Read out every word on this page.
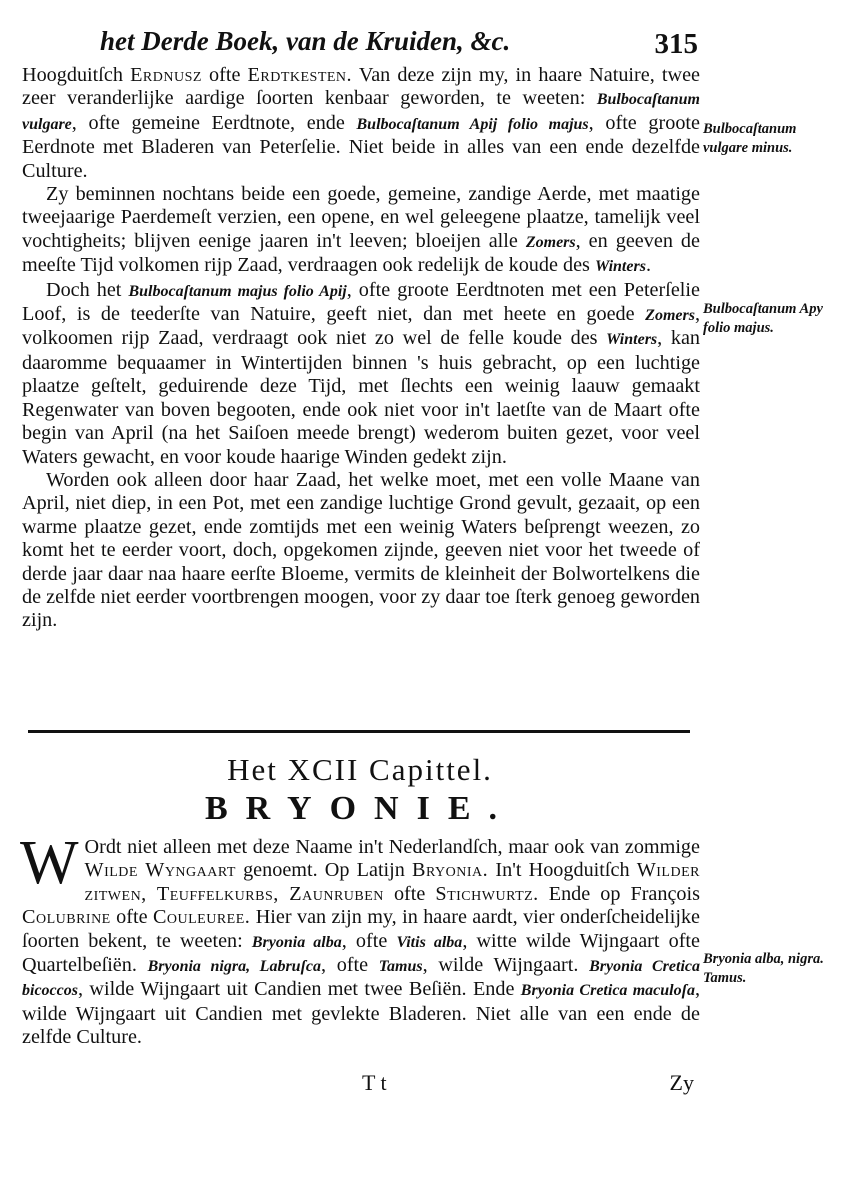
het Derde Boek, van de Kruiden, &c.	315

Hoogduitſch Erdnusz ofte Erdtkesten. Van deze zijn my, in haare Natuire, twee zeer veranderlijke aardige ſoorten kenbaar geworden, te weeten: Bulbocaſtanum vulgare, ofte gemeine Eerdtnote, ende Bulbocaſtanum Apij folio majus, ofte groote Eerdnote met Bladeren van Peterſelie. Niet beide in alles van een ende dezelfde Culture.

Zy beminnen nochtans beide een goede, gemeine, zandige Aerde, met maatige tweejaarige Paerdemeſt verzien, een opene, en wel geleegene plaatze, tamelijk veel vochtigheits; blijven eenige jaaren in't leeven; bloeijen alle Zomers, en geeven de meeſte Tijd volkomen rijp Zaad, verdraagen ook redelijk de koude des Winters.

Doch het Bulbocaſtanum majus folio Apij, ofte groote Eerdtnoten met een Peterſelie Loof, is de teederſte van Natuire, geeft niet, dan met heete en goede Zomers, volkoomen rijp Zaad, verdraagt ook niet zo wel de felle koude des Winters, kan daaromme bequaamer in Wintertijden binnen 's huis gebracht, op een luchtige plaatze geſtelt, geduirende deze Tijd, met ſlechts een weinig laauw gemaakt Regenwater van boven begooten, ende ook niet voor in't laetſte van de Maart ofte begin van April (na het Saiſoen meede brengt) wederom buiten gezet, voor veel Waters gewacht, en voor koude haarige Winden gedekt zijn.

Worden ook alleen door haar Zaad, het welke moet, met een volle Maane van April, niet diep, in een Pot, met een zandige luchtige Grond gevult, gezaait, op een warme plaatze gezet, ende zomtijds met een weinig Waters beſprengt weezen, zo komt het te eerder voort, doch, opgekomen zijnde, geeven niet voor het tweede of derde jaar daar naa haare eerſte Bloeme, vermits de kleinheit der Bolwortelkens die de zelfde niet eerder voortbrengen moogen, voor zy daar toe ſterk genoeg geworden zijn.

Bulbocaſtanum vulgare minus.
Bulbocaſtanum Apy folio majus.
Bryonia alba, nigra. Tamus.
Het XCII Capittel.
BRYONIE.

W Ordt niet alleen met deze Naame in't Nederlandſch, maar ook van zommige Wilde Wyngaart genoemt. Op Latijn Bryonia. In't Hoogduitſch Wilder zitwen, Teuffelkurbs, Zaunruben ofte Stichwurtz. Ende op François Colubrine ofte Couleuree. Hier van zijn my, in haare aardt, vier onderſcheidelijke ſoorten bekent, te weeten: Bryonia alba, ofte Vitis alba, witte wilde Wijngaart ofte Quartelbeſiën. Bryonia nigra, Labruſca, ofte Tamus, wilde Wijngaart. Bryonia Cretica bicoccos, wilde Wijngaart uit Candien met twee Beſiën. Ende Bryonia Cretica maculoſa, wilde Wijngaart uit Candien met gevlekte Bladeren. Niet alle van een ende de zelfde Culture.

T t	Zy
